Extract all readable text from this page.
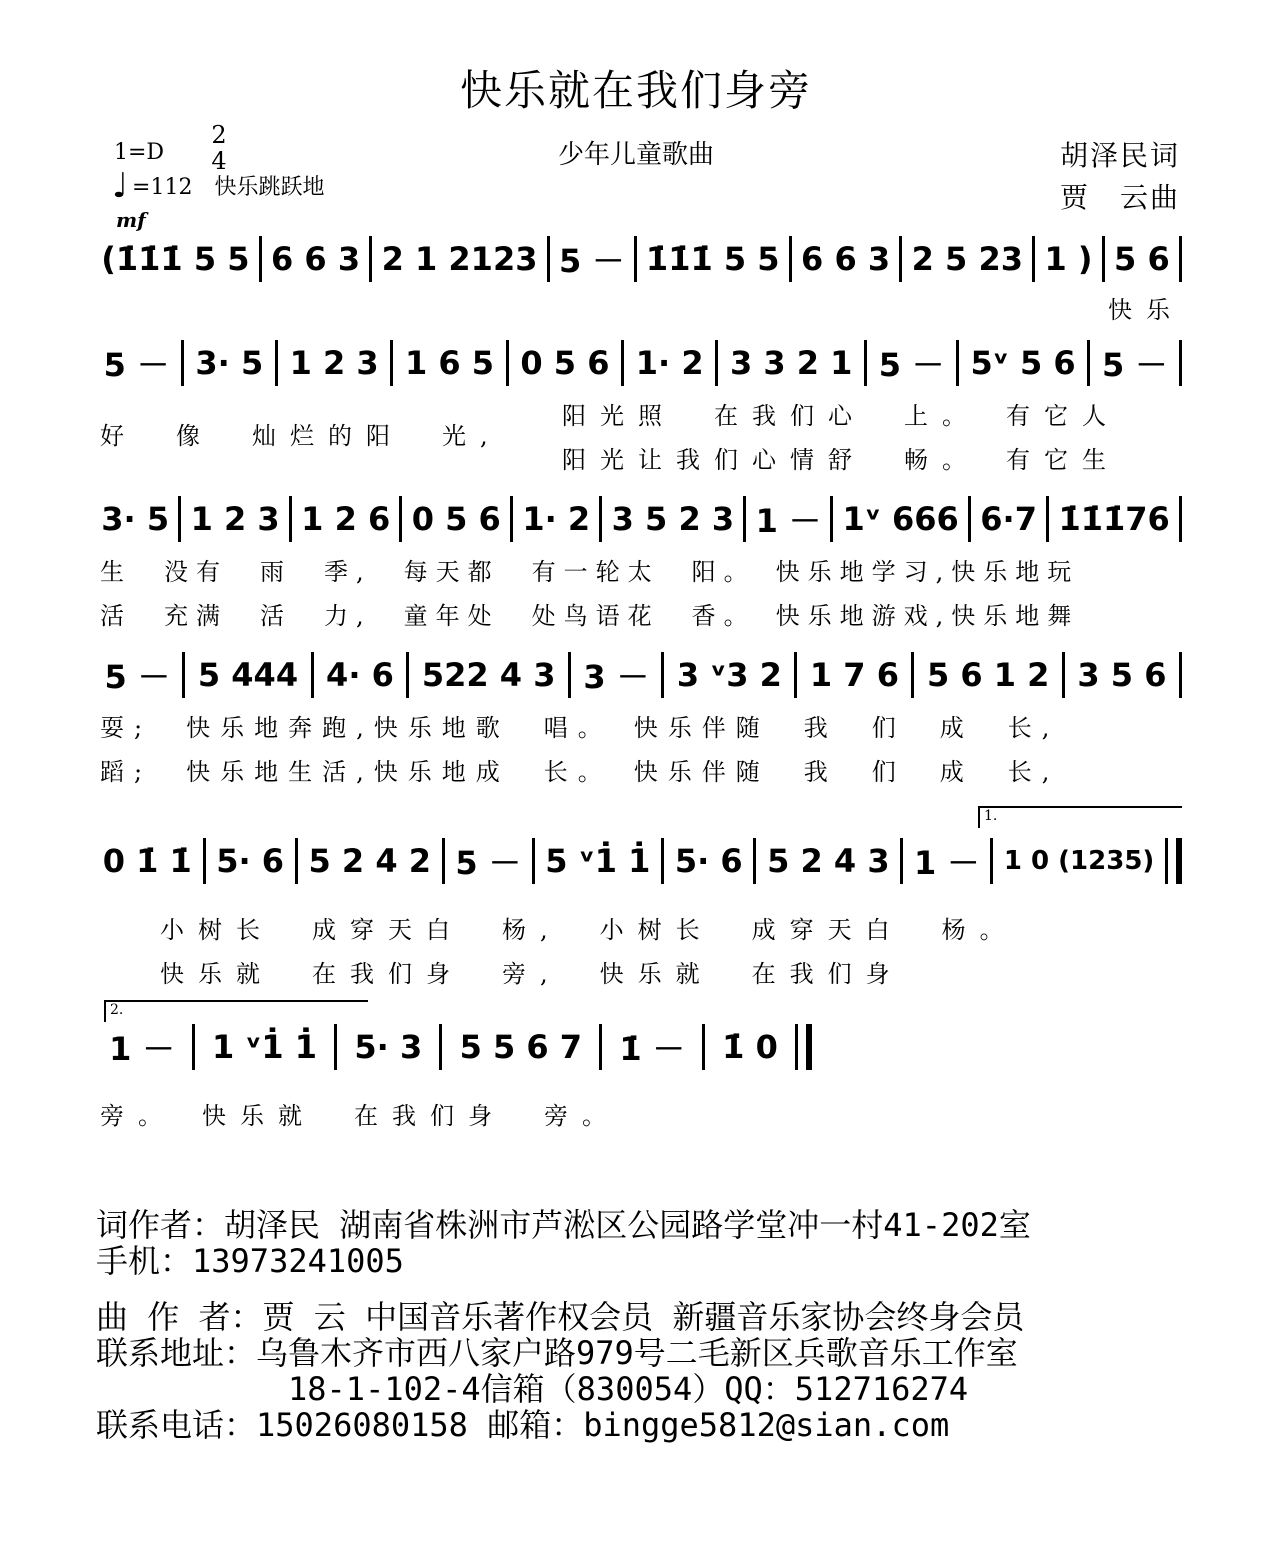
快乐就在我们身旁
1=D
2
4	少年儿童歌曲	胡泽民词
贾　云曲
♩ =112　快乐跳跃地
mf
(1̇1̇1̇ 5 5 6 6 3 2 1 2123 5 － 1̇1̇1̇ 5 5 6 6 3 2 5 23 1 ) 5 6
快乐
5 － 3· 5 1 2 3 1 6 5 0 5 6 1· 2 3 3 2 1 5 － 5ᵛ 5 6 5 －
好　像　灿烂的阳　光,
阳光照　在我们心　上。　有它人
阳光让我们心情舒　畅。　有它生
3· 5 1 2 3 1 2 6 0 5 6 1· 2 3 5 2 3 1 － 1ᵛ 666 6·7 1̇1̇1̇76
生　没有　雨　季,　每天都　有一轮太　阳。　快乐地学习,快乐地玩
活　充满　活　力,　童年处　处鸟语花　香。　快乐地游戏,快乐地舞
5 － 5 444 4· 6 522 4 3 3 － 3 ᵛ3 2 1 7 6 5 6 1 2 3 5 6
耍;　快乐地奔跑,快乐地歌　唱。　快乐伴随　我　们　成　长,
蹈;　快乐地生活,快乐地成　长。　快乐伴随　我　们　成　长,
1.
0 1̇ 1̇ 5· 6 5 2 4 2 5 － 5 ᵛ1̇ 1̇ 5· 6 5 2 4 3 1 － 1 0 (1235)
小树长　成穿天白　杨,　小树长　成穿天白　杨。
快乐就　在我们身　旁,　快乐就　在我们身
2.
1 － 1 ᵛ1̇ 1̇ 5· 3 5 5 6 7 1̇ － 1̇ 0
旁。　快乐就　在我们身　旁。
词作者：胡泽民 湖南省株洲市芦淞区公园路学堂冲一村41-202室
手机：13973241005
曲 作 者：贾 云 中国音乐著作权会员 新疆音乐家协会终身会员
联系地址：乌鲁木齐市西八家户路979号二毛新区兵歌音乐工作室
18-1-102-4信箱（830054）QQ：512716274
联系电话：15026080158 邮箱：bingge5812@sian.com
